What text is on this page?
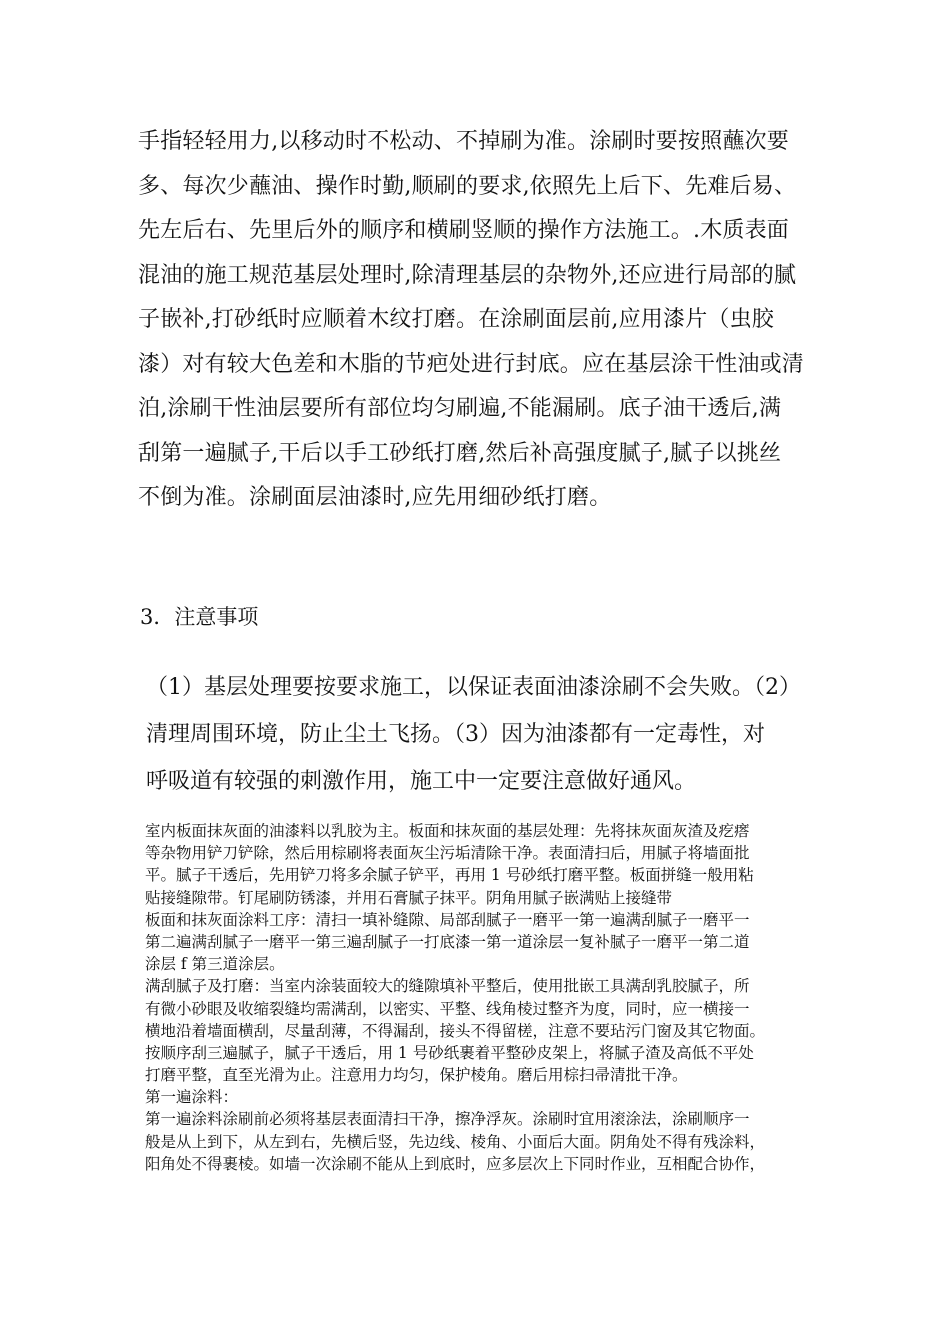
手指轻轻用力,以移动时不松动、不掉刷为准。涂刷时要按照蘸次要
多、每次少蘸油、操作时勤,顺刷的要求,依照先上后下、先难后易、
先左后右、先里后外的顺序和横刷竖顺的操作方法施工。.木质表面
混油的施工规范基层处理时,除清理基层的杂物外,还应进行局部的腻
子嵌补,打砂纸时应顺着木纹打磨。在涂刷面层前,应用漆片（虫胶
漆）对有较大色差和木脂的节疤处进行封底。应在基层涂干性油或清
泊,涂刷干性油层要所有部位均匀刷遍,不能漏刷。底子油干透后,满
刮第一遍腻子,干后以手工砂纸打磨,然后补高强度腻子,腻子以挑丝
不倒为准。涂刷面层油漆时,应先用细砂纸打磨。
3．注意事项
（1）基层处理要按要求施工，以保证表面油漆涂刷不会失败。（2）
清理周围环境，防止尘土飞扬。（3）因为油漆都有一定毒性，对
呼吸道有较强的刺激作用，施工中一定要注意做好通风。
室内板面抹灰面的油漆料以乳胶为主。板面和抹灰面的基层处理：先将抹灰面灰渣及疙瘩
等杂物用铲刀铲除，然后用棕刷将表面灰尘污垢清除干净。表面清扫后，用腻子将墙面批
平。腻子干透后，先用铲刀将多余腻子铲平，再用 1 号砂纸打磨平整。板面拼缝一般用粘
贴接缝隙带。钉尾刷防锈漆，并用石膏腻子抹平。阴角用腻子嵌满贴上接缝带
板面和抹灰面涂料工序：清扫一填补缝隙、局部刮腻子一磨平一第一遍满刮腻子一磨平一
第二遍满刮腻子一磨平一第三遍刮腻子一打底漆一第一道涂层一复补腻子一磨平一第二道
涂层 f 第三道涂层。
满刮腻子及打磨：当室内涂装面较大的缝隙填补平整后，使用批嵌工具满刮乳胶腻子，所
有微小砂眼及收缩裂缝均需满刮，以密实、平整、线角棱过整齐为度，同时，应一横接一
横地沿着墙面横刮，尽量刮薄，不得漏刮，接头不得留槎，注意不要玷污门窗及其它物面。
按顺序刮三遍腻子，腻子干透后，用 1 号砂纸裹着平整砂皮架上，将腻子渣及高低不平处
打磨平整，直至光滑为止。注意用力均匀，保护棱角。磨后用棕扫帚清批干净。
第一遍涂料：
第一遍涂料涂刷前必须将基层表面清扫干净，擦净浮灰。涂刷时宜用滚涂法，涂刷顺序一
般是从上到下，从左到右，先横后竖，先边线、棱角、小面后大面。阴角处不得有残涂料，
阳角处不得裹棱。如墙一次涂刷不能从上到底时，应多层次上下同时作业，互相配合协作，
